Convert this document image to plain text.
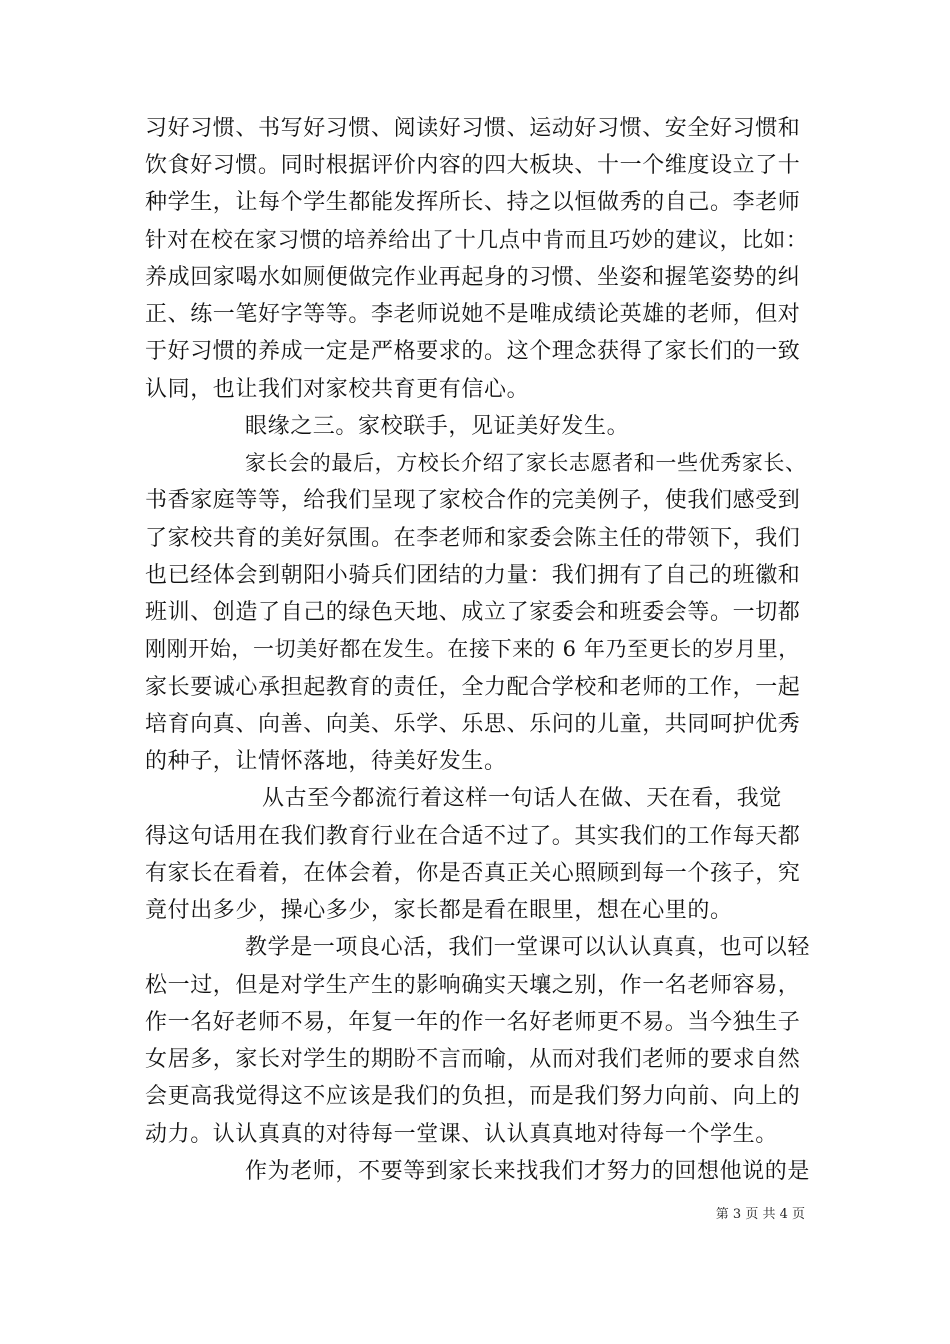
习好习惯、书写好习惯、阅读好习惯、运动好习惯、安全好习惯和
饮食好习惯。同时根据评价内容的四大板块、十一个维度设立了十
种学生，让每个学生都能发挥所长、持之以恒做秀的自己。李老师
针对在校在家习惯的培养给出了十几点中肯而且巧妙的建议，比如：
养成回家喝水如厕便做完作业再起身的习惯、坐姿和握笔姿势的纠
正、练一笔好字等等。李老师说她不是唯成绩论英雄的老师，但对
于好习惯的养成一定是严格要求的。这个理念获得了家长们的一致
认同，也让我们对家校共育更有信心。
眼缘之三。家校联手，见证美好发生。
家长会的最后，方校长介绍了家长志愿者和一些优秀家长、
书香家庭等等，给我们呈现了家校合作的完美例子，使我们感受到
了家校共育的美好氛围。在李老师和家委会陈主任的带领下，我们
也已经体会到朝阳小骑兵们团结的力量：我们拥有了自己的班徽和
班训、创造了自己的绿色天地、成立了家委会和班委会等。一切都
刚刚开始，一切美好都在发生。在接下来的 6 年乃至更长的岁月里，
家长要诚心承担起教育的责任，全力配合学校和老师的工作，一起
培育向真、向善、向美、乐学、乐思、乐问的儿童，共同呵护优秀
的种子，让情怀落地，待美好发生。
从古至今都流行着这样一句话人在做、天在看，我觉
得这句话用在我们教育行业在合适不过了。其实我们的工作每天都
有家长在看着，在体会着，你是否真正关心照顾到每一个孩子，究
竟付出多少，操心多少，家长都是看在眼里，想在心里的。
教学是一项良心活，我们一堂课可以认认真真，也可以轻
松一过，但是对学生产生的影响确实天壤之别，作一名老师容易，
作一名好老师不易，年复一年的作一名好老师更不易。当今独生子
女居多，家长对学生的期盼不言而喻，从而对我们老师的要求自然
会更高我觉得这不应该是我们的负担，而是我们努力向前、向上的
动力。认认真真的对待每一堂课、认认真真地对待每一个学生。
作为老师，不要等到家长来找我们才努力的回想他说的是
第 3 页 共 4 页
